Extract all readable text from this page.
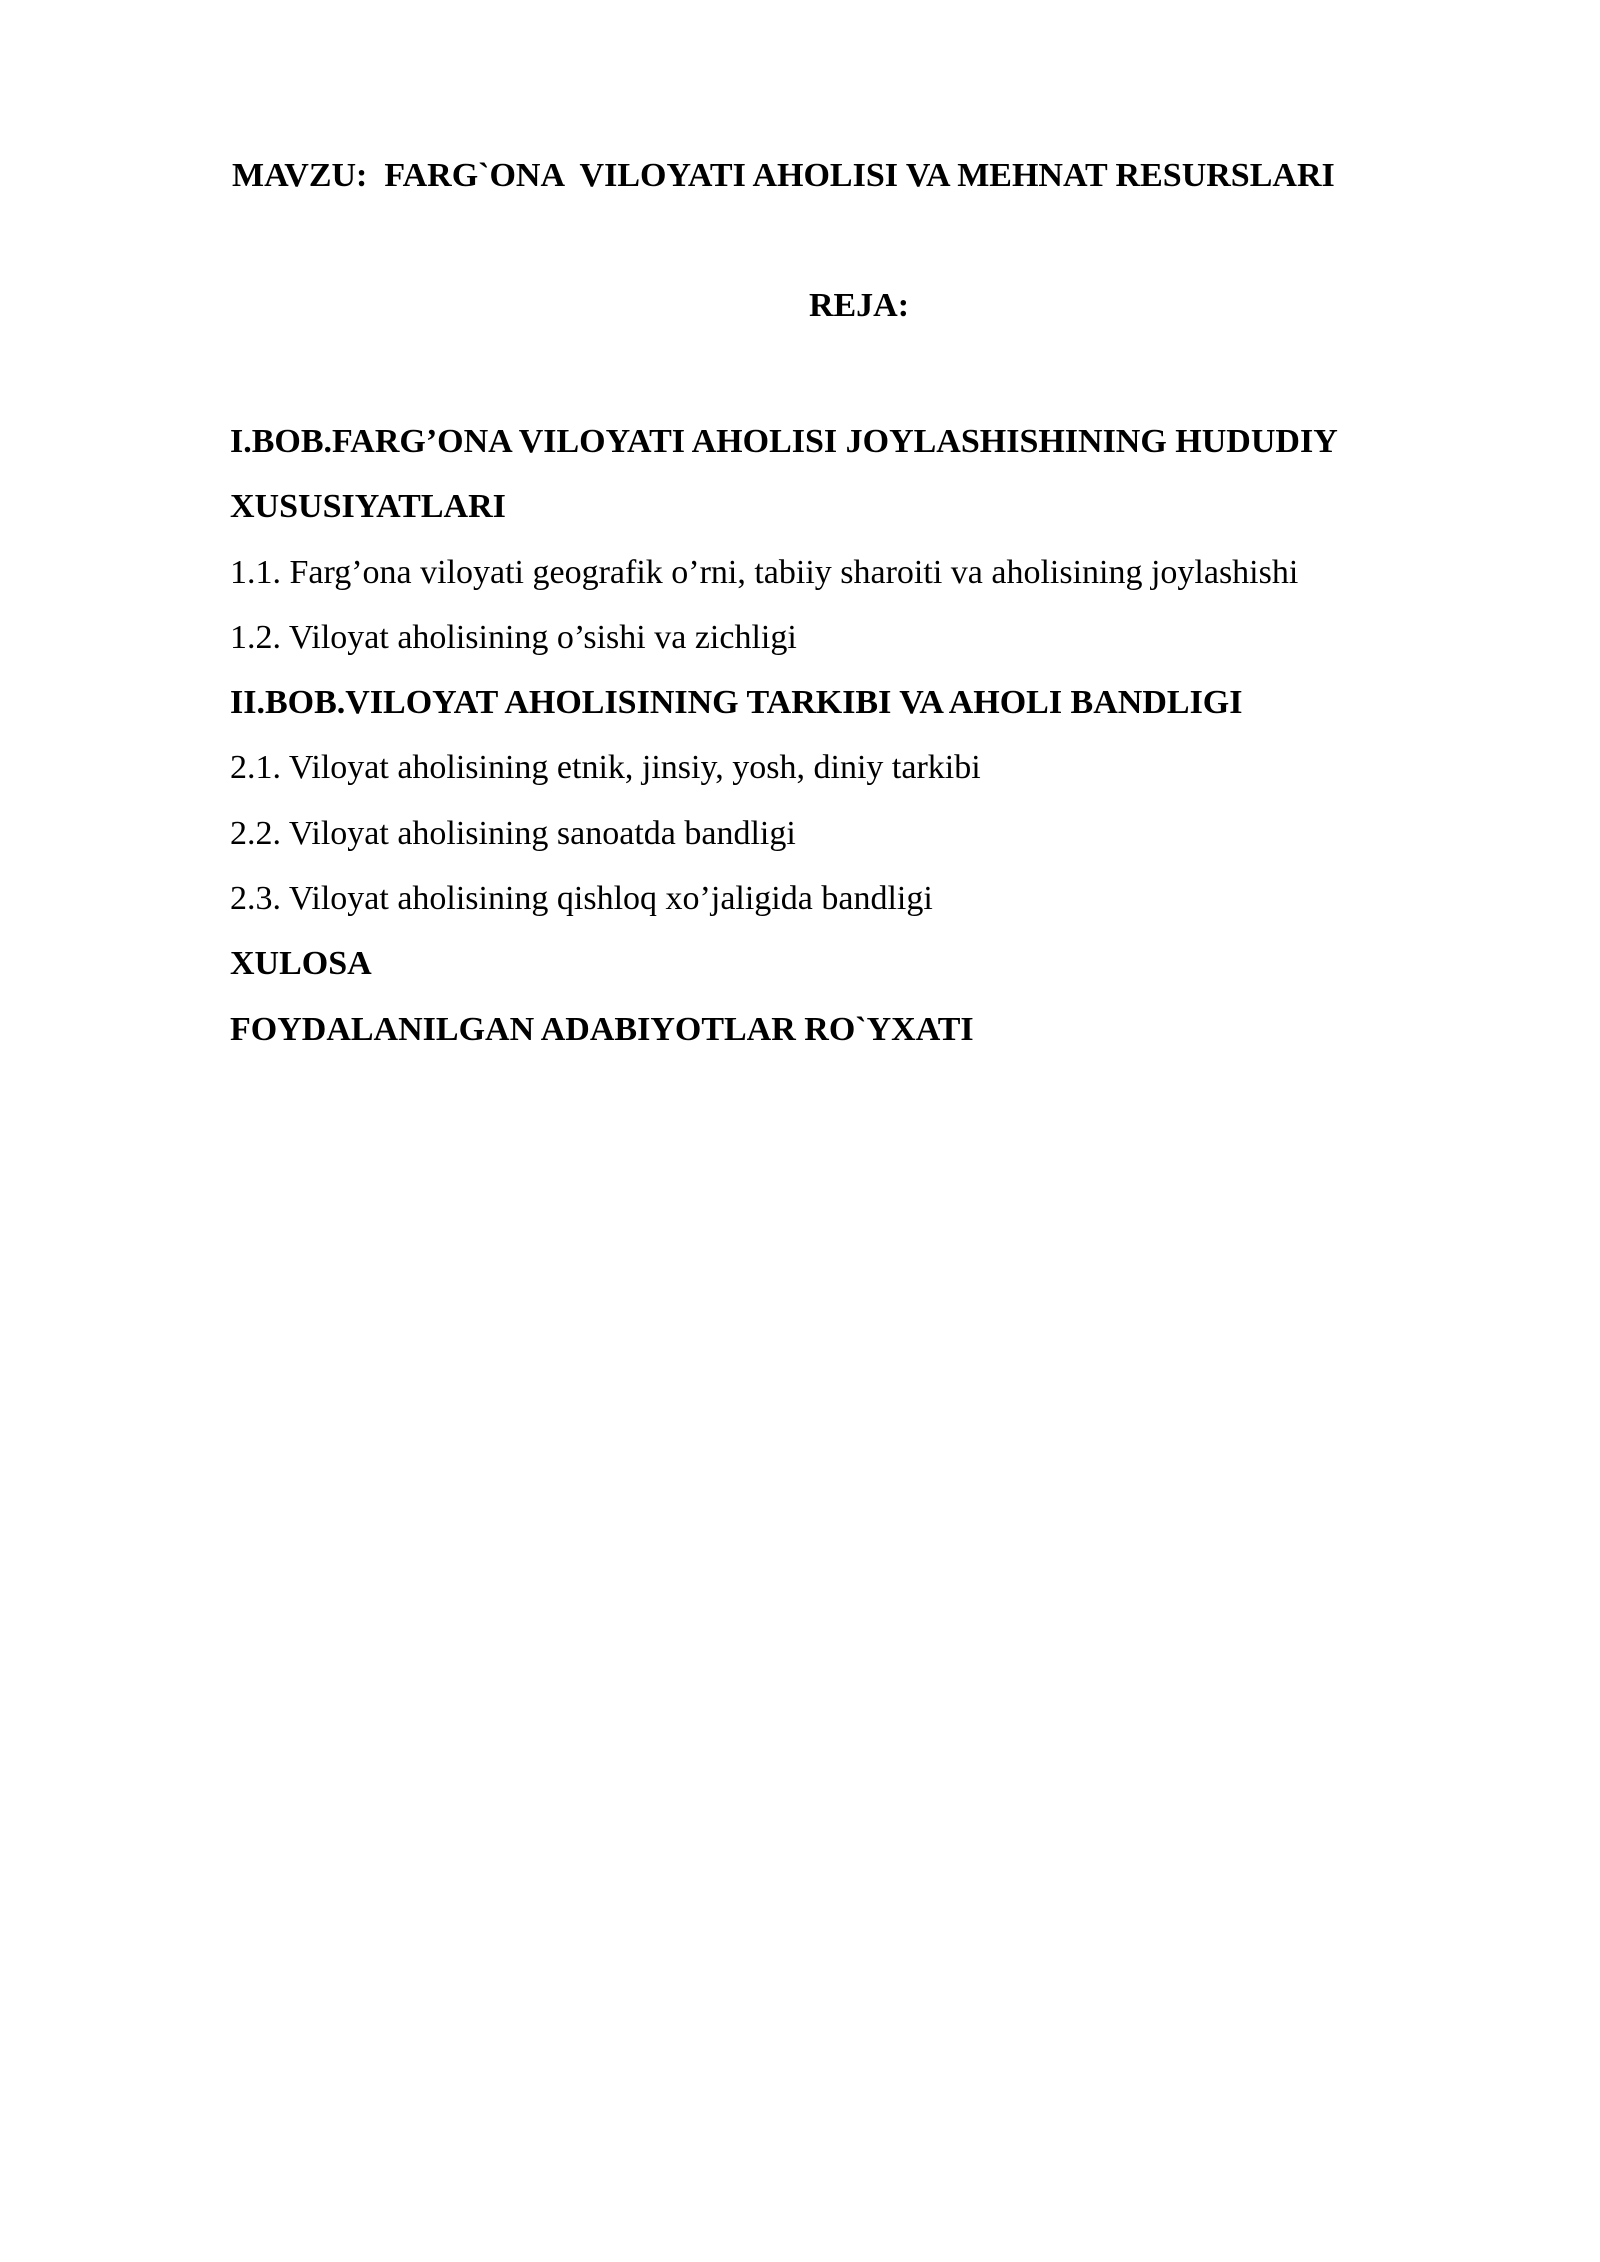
MAVZU:  FARG`ONA  VILOYATI AHOLISI VA MEHNAT RESURSLARI
REJA:
I.BOB.FARG’ONA VILOYATI AHOLISI JOYLASHISHINING HUDUDIY
XUSUSIYATLARI
1.1. Farg’ona viloyati geografik o’rni, tabiiy sharoiti va aholisining joylashishi
1.2. Viloyat aholisining o’sishi va zichligi
II.BOB.VILOYAT AHOLISINING TARKIBI VA AHOLI BANDLIGI
2.1. Viloyat aholisining etnik, jinsiy, yosh, diniy tarkibi
2.2. Viloyat aholisining sanoatda bandligi
2.3. Viloyat aholisining qishloq xo’jaligida bandligi
XULOSA
FOYDALANILGAN ADABIYOTLAR RO`YXATI
